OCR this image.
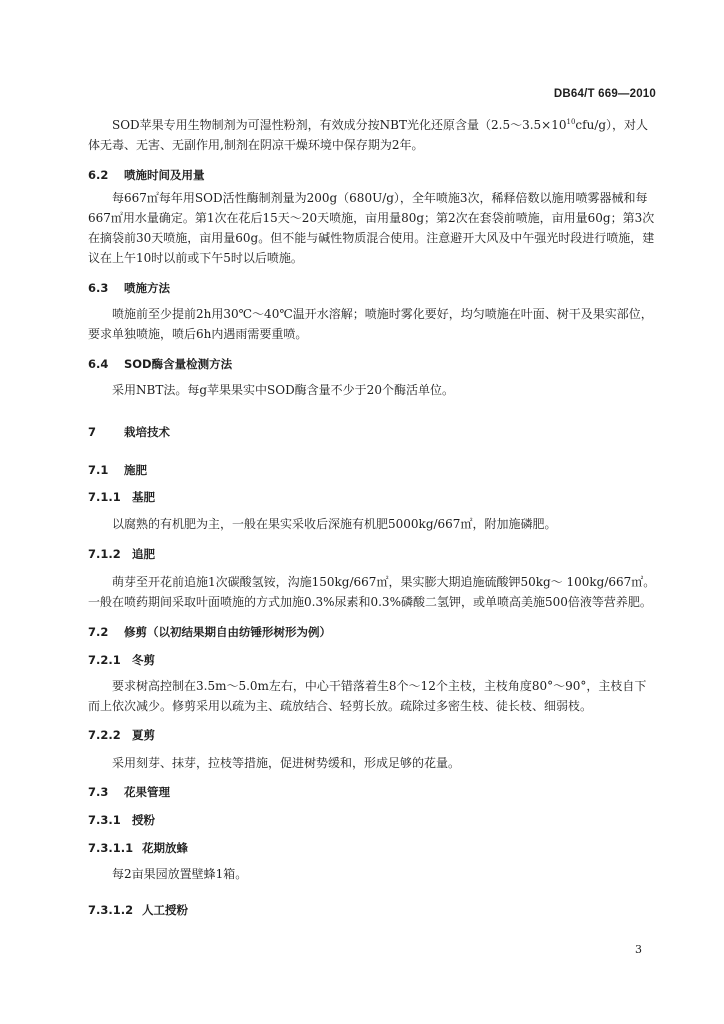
DB64/T 669—2010

SOD苹果专用生物制剂为可湿性粉剂，有效成分按NBT光化还原含量$(2.5\sim 3.5\times 10^{10}cfu/g)$，对人体无毒、无害、无副作用,制剂在阴凉干燥环境中保存期为2年。

6.2 喷施时间及用量

每667㎡每年用SOD活性酶制剂量为200g（680U/g），全年喷施3次，稀释倍数以施用喷雾器械和每667㎡用水量确定。第1次在花后15天～20天喷施，亩用量80g；第2次在套袋前喷施，亩用量60g；第3次在摘袋前30天喷施，亩用量60g。但不能与碱性物质混合使用。注意避开大风及中午强光时段进行喷施，建议在上午10时以前或下午5时以后喷施。

6.3 喷施方法

喷施前至少提前2h用30℃～40℃温开水溶解；喷施时雾化要好，均匀喷施在叶面、树干及果实部位，要求单独喷施，喷后6h内遇雨需要重喷。

6.4 SOD酶含量检测方法

采用NBT法。每g苹果果实中SOD酶含量不少于20个酶活单位。

7 栽培技术
7.1 施肥
7.1.1 基肥

以腐熟的有机肥为主，一般在果实采收后深施有机肥5000kg/667㎡，附加施磷肥。

7.1.2 追肥

萌芽至开花前追施1次碳酸氢铵，沟施150kg/667㎡，果实膨大期追施硫酸钾50kg～ 100kg/667㎡。一般在喷药期间采取叶面喷施的方式加施0.3%尿素和0.3%磷酸二氢钾，或单喷高美施500倍液等营养肥。

7.2 修剪（以初结果期自由纺锤形树形为例）
7.2.1 冬剪

要求树高控制在3.5m～5.0m左右，中心干错落着生8个～12个主枝，主枝角度80°～90°，主枝自下而上依次减少。修剪采用以疏为主、疏放结合、轻剪长放。疏除过多密生枝、徒长枝、细弱枝。

7.2.2 夏剪

采用刻芽、抹芽，拉枝等措施，促进树势缓和，形成足够的花量。

7.3 花果管理
7.3.1 授粉
7.3.1.1 花期放蜂

每2亩果园放置壁蜂1箱。

7.3.1.2 人工授粉
3
